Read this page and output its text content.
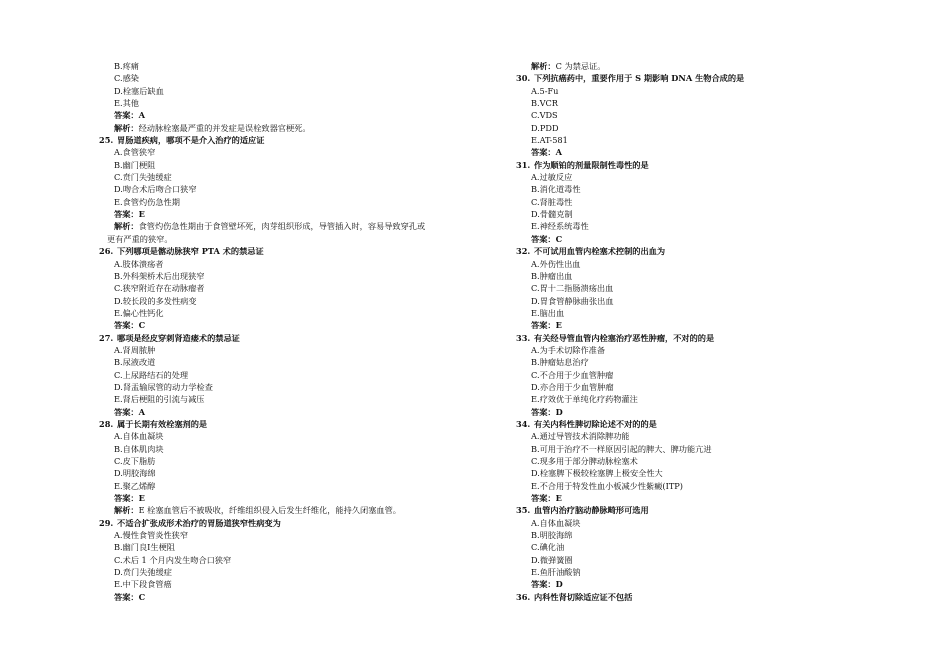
B.疼痛
C.感染
D.栓塞后缺血
E.其他
答案：A
解析：经动脉栓塞最严重的并发症是误栓致器官梗死。
25. 胃肠道疾病，哪项不是介入治疗的适应证
A.食管狭窄
B.幽门梗阻
C.贲门失弛缓症
D.吻合术后吻合口狭窄
E.食管灼伤急性期
答案：E
解析：食管灼伤急性期由于食管壁坏死，肉芽组织形成，导管插入时，容易导致穿孔或
更有严重的狭窄。
26. 下列哪项是髂动脉狭窄 PTA 术的禁忌证
A.肢体溃疡者
B.外科架桥术后出现狭窄
C.狭窄附近存在动脉瘤者
D.较长段的多发性病变
E.偏心性钙化
答案：C
27. 哪项是经皮穿刺肾造瘘术的禁忌证
A.肾周脓肿
B.尿液改道
C.上尿路结石的处理
D.肾盂输尿管的动力学检查
E.肾后梗阻的引流与减压
答案：A
28. 属于长期有效栓塞剂的是
A.自体血凝块
B.自体肌肉块
C.皮下脂肪
D.明胶海绵
E.聚乙烯醇
答案：E
解析：E 栓塞血管后不被吸收，纤维组织侵入后发生纤维化，能持久闭塞血管。
29. 不适合扩张成形术治疗的胃肠道狭窄性病变为
A.慢性食管炎性狭窄
B.幽门良Ⅰ生梗阻
C.术后 1 个月内发生吻合口狭窄
D.贲门失弛缓症
E.中下段食管癌
答案：C
解析：C 为禁忌证。
30. 下列抗癌药中，重要作用于 S 期影响 DNA 生物合成的是
A.5-Fu
B.VCR
C.VDS
D.PDD
E.AT-581
答案：A
31. 作为顺铂的剂量限制性毒性的是
A.过敏反应
B.消化道毒性
C.肾脏毒性
D.骨髓克制
E.神经系统毒性
答案：C
32. 不可试用血管内栓塞术控制的出血为
A.外伤性出血
B.肿瘤出血
C.胃十二指肠溃疡出血
D.胃食管静脉曲张出血
E.脑出血
答案：E
33. 有关经导管血管内栓塞治疗恶性肿瘤，不对的的是
A.为手术切除作准备
B.肿瘤姑息治疗
C.不合用于少血管肿瘤
D.亦合用于少血管肿瘤
E.疗效优于单纯化疗药物灌注
答案：D
34. 有关内科性脾切除论述不对的的是
A.通过导管技术消除脾功能
B.可用于治疗不一样原因引起的脾大、脾功能亢进
C.现多用于部分脾动脉栓塞术
D.栓塞脾下极较栓塞脾上极安全性大
E.不合用于特发性血小板减少性紫癜(ITP)
答案：E
35. 血管内治疗脑动静脉畸形可选用
A.自体血凝块
B.明胶海绵
C.碘化油
D.微弹簧圈
E.鱼肝油酸钠
答案：D
36. 内科性肾切除适应证不包括
